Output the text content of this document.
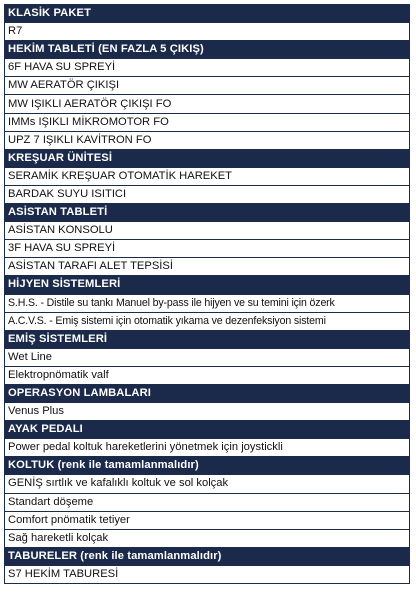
KLASİK PAKET
R7
HEKİM TABLETİ (EN FAZLA 5 ÇIKIŞ)
6F HAVA SU SPREYİ
MW AERATÖR ÇIKIŞI
MW IŞIKLI AERATÖR ÇIKIŞI FO
IMMs IŞIKLI MİKROMOTOR FO
UPZ 7 IŞIKLI KAVİTRON FO
KREŞUAR ÜNİTESİ
SERAMİK KREŞUAR OTOMATİK HAREKET
BARDAK SUYU ISITICI
ASİSTAN TABLETİ
ASİSTAN KONSOLU
3F HAVA SU SPREYİ
ASİSTAN TARAFI ALET TEPSİSİ
HİJYEN SİSTEMLERİ
S.H.S. - Distile su tankı Manuel by-pass ile hijyen ve su temini için özerk
A.C.V.S. - Emiş sistemi için otomatik yıkama ve dezenfeksiyon sistemi
EMİŞ SİSTEMLERİ
Wet Line
Elektropnömatik valf
OPERASYON LAMBALARI
Venus Plus
AYAK PEDALI
Power pedal koltuk hareketlerini yönetmek için joysticklі
KOLTUK (renk ile tamamlanmalıdır)
GENİŞ sırtlık ve kafalıklı koltuk ve sol kolçak
Standart döşeme
Comfort pnömatik tetiyer
Sağ hareketli kolçak
TABURELER (renk ile tamamlanmalıdır)
S7 HEKİM TABURESİ
